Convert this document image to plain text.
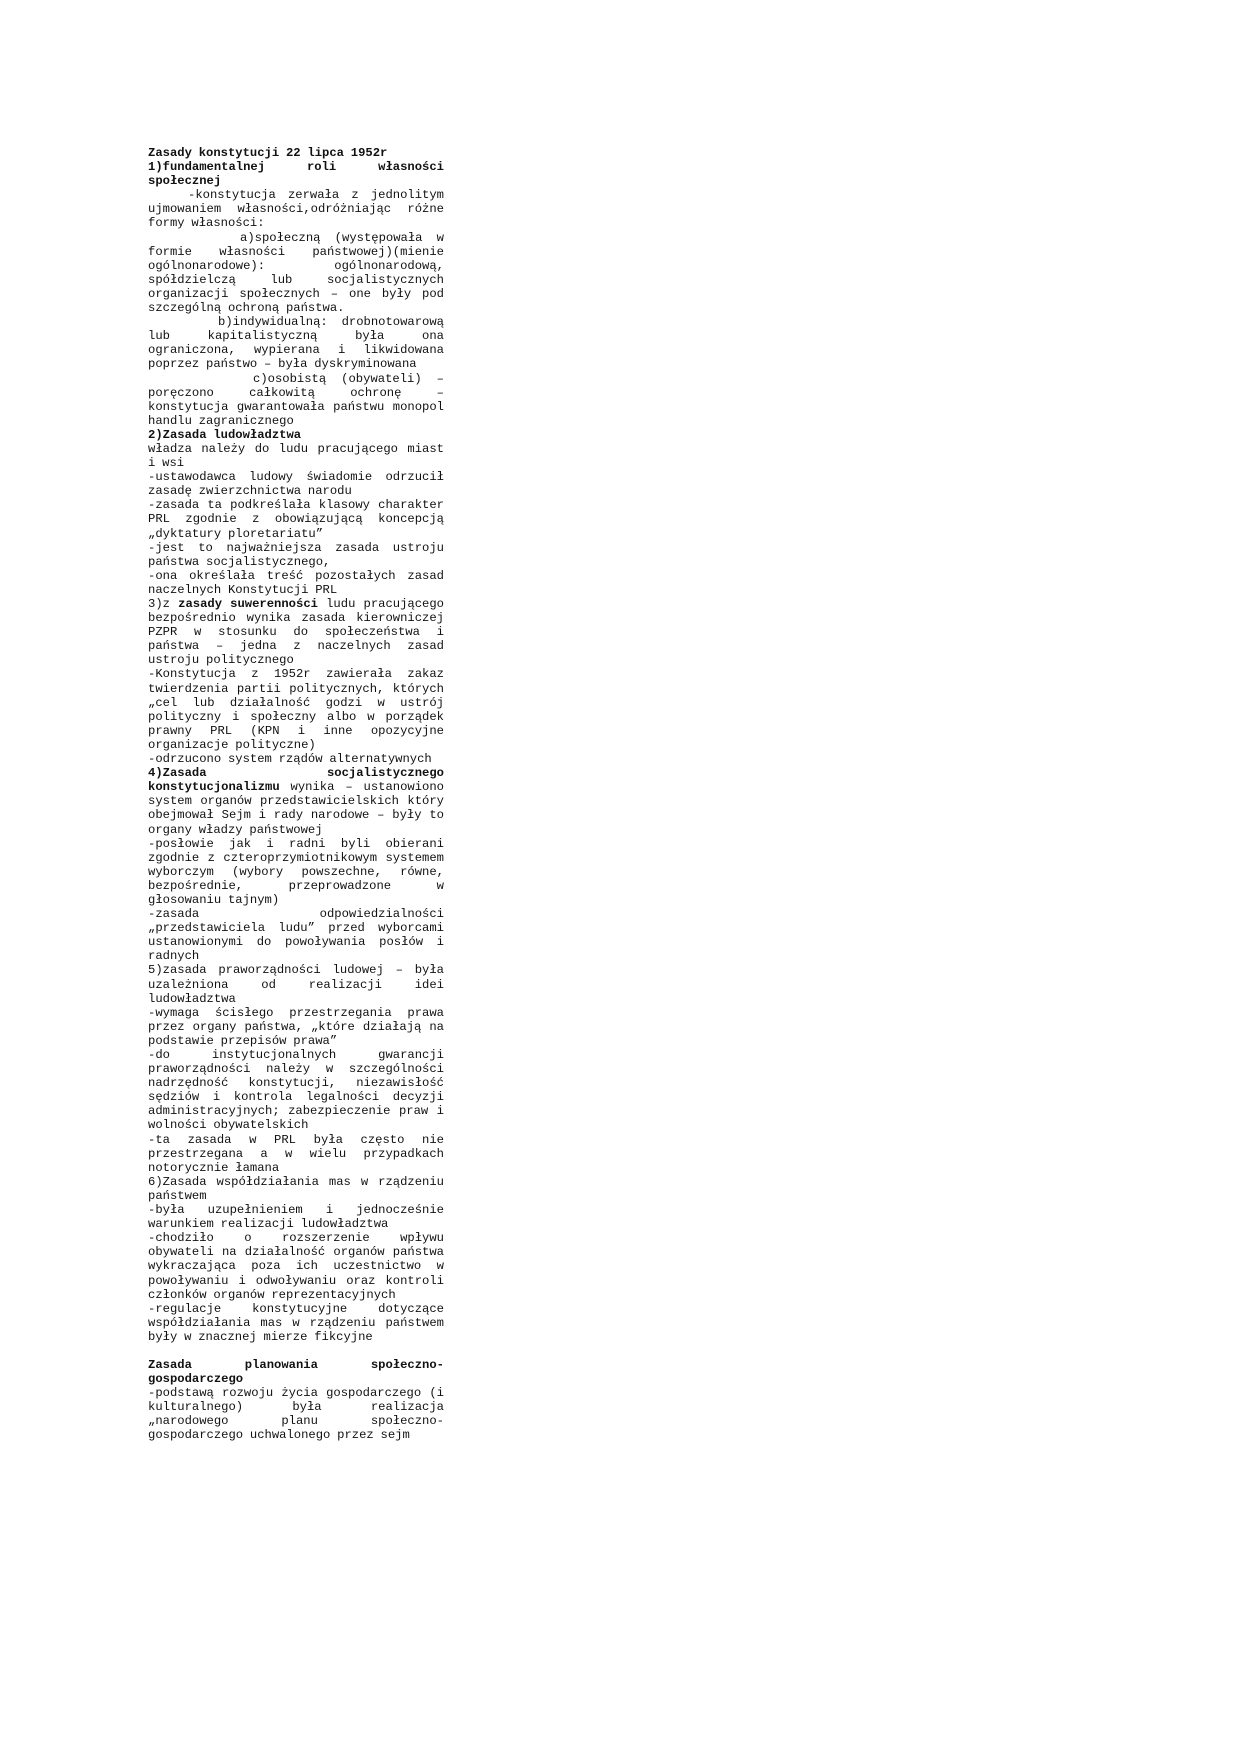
Zasady konstytucji 22 lipca 1952r

1)fundamentalnej roli własności społecznej

-konstytucja zerwała z jednolitym ujmowaniem własności,odróżniając różne formy własności:

a)społeczną (występowała w formie własności państwowej)(mienie ogólnonarodowe): ogólnonarodową, spółdzielczą lub socjalistycznych organizacji społecznych – one były pod szczególną ochroną państwa.

b)indywidualną: drobnotowarową lub kapitalistyczną była ona ograniczona, wypierana i likwidowana poprzez państwo – była dyskryminowana

c)osobistą (obywateli) – poręczono całkowitą ochronę – konstytucja gwarantowała państwu monopol handlu zagranicznego

2)Zasada ludowładztwa

władza należy do ludu pracującego miast i wsi

-ustawodawca ludowy świadomie odrzucił zasadę zwierzchnictwa narodu

-zasada ta podkreślała klasowy charakter PRL zgodnie z obowiązującą koncepcją „dyktatury ploretariatu”

-jest to najważniejsza zasada ustroju państwa socjalistycznego,

-ona określała treść pozostałych zasad naczelnych Konstytucji PRL

3)z zasady suwerenności ludu pracującego bezpośrednio wynika zasada kierowniczej PZPR w stosunku do społeczeństwa i państwa – jedna z naczelnych zasad ustroju politycznego

-Konstytucja z 1952r zawierała zakaz twierdzenia partii politycznych, których „cel lub działalność godzi w ustrój polityczny i społeczny albo w porządek prawny PRL (KPN i inne opozycyjne organizacje polityczne)

-odrzucono system rządów alternatywnych

4)Zasada socjalistycznego konstytucjonalizmu wynika – ustanowiono system organów przedstawicielskich który obejmował Sejm i rady narodowe – były to organy władzy państwowej

-posłowie jak i radni byli obierani zgodnie z czteroprzymiotnikowym systemem wyborczym (wybory powszechne, równe, bezpośrednie, przeprowadzone w głosowaniu tajnym)

-zasada odpowiedzialności „przedstawiciela ludu” przed wyborcami ustanowionymi do powoływania posłów i radnych

5)zasada praworządności ludowej – była uzależniona od realizacji idei ludowładztwa

-wymaga ścisłego przestrzegania prawa przez organy państwa, „które działają na podstawie przepisów prawa”

-do instytucjonalnych gwarancji praworządności należy w szczególności nadrzędność konstytucji, niezawisłość sędziów i kontrola legalności decyzji administracyjnych; zabezpieczenie praw i wolności obywatelskich

-ta zasada w PRL była często nie przestrzegana a w wielu przypadkach notorycznie łamana

6)Zasada współdziałania mas w rządzeniu państwem

-była uzupełnieniem i jednocześnie warunkiem realizacji ludowładztwa

-chodziło o rozszerzenie wpływu obywateli na działalność organów państwa wykraczająca poza ich uczestnictwo w powoływaniu i odwoływaniu oraz kontroli członków organów reprezentacyjnych

-regulacje konstytucyjne dotyczące współdziałania mas w rządzeniu państwem były w znacznej mierze fikcyjne

Zasada planowania społeczno-gospodarczego

-podstawą rozwoju życia gospodarczego (i kulturalnego) była realizacja „narodowego planu społeczno-gospodarczego uchwalonego przez sejm
